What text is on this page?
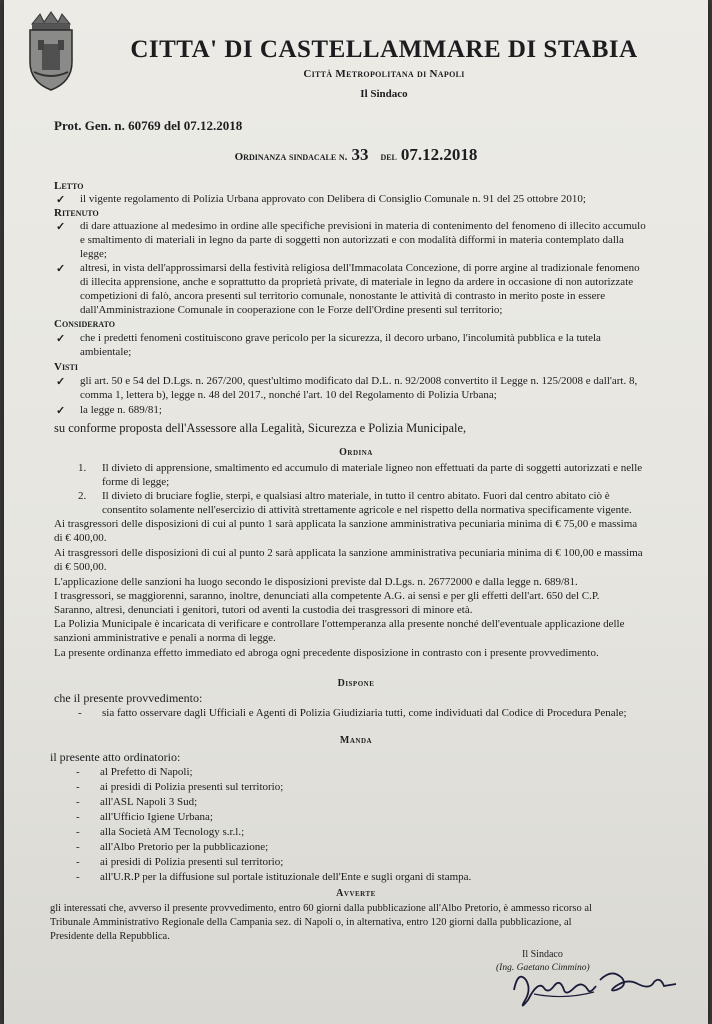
CITTA' DI CASTELLAMMARE DI STABIA
Città Metropolitana di Napoli
Il Sindaco
Prot. Gen. n. 60769 del 07.12.2018
Ordinanza sindacale n. 33 del 07.12.2018
Letto
✓ il vigente regolamento di Polizia Urbana approvato con Delibera di Consiglio Comunale n. 91 del 25 ottobre 2010;
Ritenuto
✓ di dare attuazione al medesimo in ordine alle specifiche previsioni in materia di contenimento del fenomeno di illecito accumulo
e smaltimento di materiali in legno da parte di soggetti non autorizzati e con modalità difformi in materia contemplato dalla
legge;
✓ altresì, in vista dell'approssimarsi della festività religiosa dell'Immacolata Concezione, di porre argine al tradizionale fenomeno
di illecita apprensione, anche e soprattutto da proprietà private, di materiale in legno da ardere in occasione di non autorizzate
competizioni di falò, ancora presenti sul territorio comunale, nonostante le attività di contrasto in merito poste in essere
dall'Amministrazione Comunale in cooperazione con le Forze dell'Ordine presenti sul territorio;
Considerato
✓ che i predetti fenomeni costituiscono grave pericolo per la sicurezza, il decoro urbano, l'incolumità pubblica e la tutela
ambientale;
Visti
✓ gli art. 50 e 54 del D.Lgs. n. 267/200, quest'ultimo modificato dal D.L. n. 92/2008 convertito il Legge n. 125/2008 e dall'art. 8,
comma 1, lettera b), legge n. 48 del 2017., nonché l'art. 10 del Regolamento di Polizia Urbana;
✓ la legge n. 689/81;
su conforme proposta dell'Assessore alla Legalità, Sicurezza e Polizia Municipale,
Ordina
1. Il divieto di apprensione, smaltimento ed accumulo di materiale ligneo non effettuati da parte di soggetti autorizzati e nelle
forme di legge;
2. Il divieto di bruciare foglie, sterpi, e qualsiasi altro materiale, in tutto il centro abitato. Fuori dal centro abitato ciò è
consentito solamente nell'esercizio di attività strettamente agricole e nel rispetto della normativa specificamente vigente.
Ai trasgressori delle disposizioni di cui al punto 1 sarà applicata la sanzione amministrativa pecuniaria minima di € 75,00 e massima
di € 400,00.
Ai trasgressori delle disposizioni di cui al punto 2 sarà applicata la sanzione amministrativa pecuniaria minima di € 100,00 e massima
di € 500,00.
L'applicazione delle sanzioni ha luogo secondo le disposizioni previste dal D.Lgs. n. 26772000 e dalla legge n. 689/81.
I trasgressori, se maggiorenni, saranno, inoltre, denunciati alla competente A.G. ai sensi e per gli effetti dell'art. 650 del C.P.
Saranno, altresì, denunciati i genitori, tutori od aventi la custodia dei trasgressori di minore età.
La Polizia Municipale è incaricata di verificare e controllare l'ottemperanza alla presente nonché dell'eventuale applicazione delle
sanzioni amministrative e penali a norma di legge.
La presente ordinanza effetto immediato ed abroga ogni precedente disposizione in contrasto con i presente provvedimento.
Dispone
che il presente provvedimento:
- sia fatto osservare dagli Ufficiali e Agenti di Polizia Giudiziaria tutti, come individuati dal Codice di Procedura Penale;
Manda
il presente atto ordinatorio:
- al Prefetto di Napoli;
- ai presidi di Polizia presenti sul territorio;
- all'ASL Napoli 3 Sud;
- all'Ufficio Igiene Urbana;
- alla Società AM Tecnology s.r.l.;
- all'Albo Pretorio per la pubblicazione;
- ai presidi di Polizia presenti sul territorio;
- all'U.R.P per la diffusione sul portale istituzionale dell'Ente e sugli organi di stampa.
Avverte
gli interessati che, avverso il presente provvedimento, entro 60 giorni dalla pubblicazione all'Albo Pretorio, è ammesso ricorso al
Tribunale Amministrativo Regionale della Campania sez. di Napoli o, in alternativa, entro 120 giorni dalla pubblicazione, al
Presidente della Repubblica.
Il Sindaco
(Ing. Gaetano Cimmino)
